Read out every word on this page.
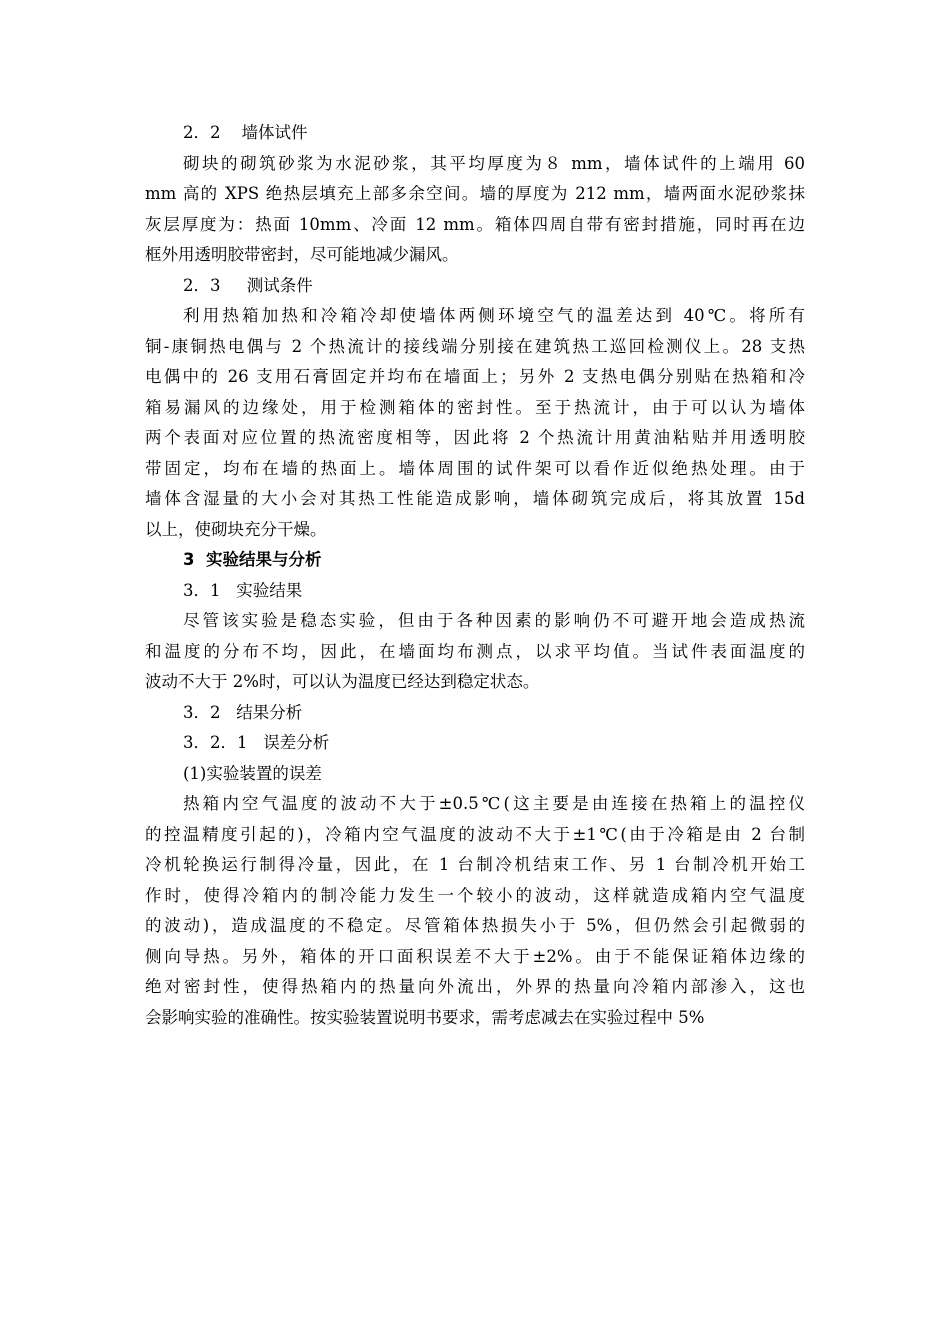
2．2    墙体试件
砌块的砌筑砂浆为水泥砂浆，其平均厚度为８ mm，墙体试件的上端用 60
mm 高的 XPS 绝热层填充上部多余空间。墙的厚度为 212 mm，墙两面水泥砂浆抹
灰层厚度为：热面 10mm、冷面 12 mm。箱体四周自带有密封措施，同时再在边
框外用透明胶带密封，尽可能地减少漏风。
2．3     测试条件
利用热箱加热和冷箱冷却使墙体两侧环境空气的温差达到 40℃。将所有
铜-康铜热电偶与 2 个热流计的接线端分别接在建筑热工巡回检测仪上。28 支热
电偶中的 26 支用石膏固定并均布在墙面上；另外 2 支热电偶分别贴在热箱和冷
箱易漏风的边缘处，用于检测箱体的密封性。至于热流计，由于可以认为墙体
两个表面对应位置的热流密度相等，因此将 2 个热流计用黄油粘贴并用透明胶
带固定，均布在墙的热面上。墙体周围的试件架可以看作近似绝热处理。由于
墙体含湿量的大小会对其热工性能造成影响，墙体砌筑完成后，将其放置 15d
以上，使砌块充分干燥。
3  实验结果与分析
3．1   实验结果
尽管该实验是稳态实验，但由于各种因素的影响仍不可避开地会造成热流
和温度的分布不均，因此，在墙面均布测点，以求平均值。当试件表面温度的
波动不大于 2%时，可以认为温度已经达到稳定状态。
3．2   结果分析
3．2．1   误差分析
(1)实验装置的误差
热箱内空气温度的波动不大于±0.5℃(这主要是由连接在热箱上的温控仪
的控温精度引起的)，冷箱内空气温度的波动不大于±1℃(由于冷箱是由 2 台制
冷机轮换运行制得冷量，因此，在 1 台制冷机结束工作、另 1 台制冷机开始工
作时，使得冷箱内的制冷能力发生一个较小的波动，这样就造成箱内空气温度
的波动)，造成温度的不稳定。尽管箱体热损失小于 5%，但仍然会引起微弱的
侧向导热。另外，箱体的开口面积误差不大于±2%。由于不能保证箱体边缘的
绝对密封性，使得热箱内的热量向外流出，外界的热量向冷箱内部渗入，这也
会影响实验的准确性。按实验装置说明书要求，需考虑减去在实验过程中 5%
